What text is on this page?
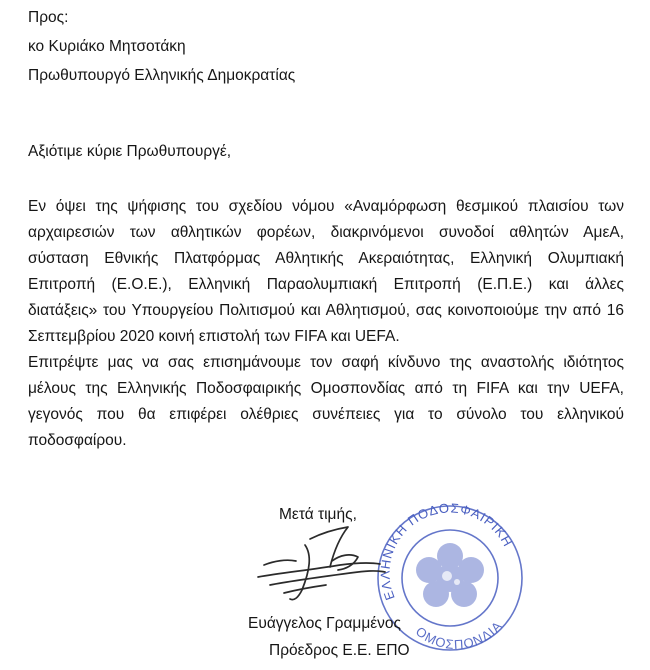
Προς:
κο Κυριάκο Μητσοτάκη
Πρωθυπουργό Ελληνικής Δημοκρατίας
Αξιότιμε κύριε Πρωθυπουργέ,
Εν όψει της ψήφισης του σχεδίου νόμου «Αναμόρφωση θεσμικού πλαισίου των
αρχαιρεσιών των αθλητικών φορέων, διακρινόμενοι συνοδοί αθλητών ΑμεΑ,
σύσταση Εθνικής Πλατφόρμας Αθλητικής Ακεραιότητας, Ελληνική Ολυμπιακή
Επιτροπή (Ε.Ο.Ε.), Ελληνική Παραολυμπιακή Επιτροπή (Ε.Π.Ε.) και άλλες
διατάξεις» του Υπουργείου Πολιτισμού και Αθλητισμού, σας κοινοποιούμε την από 16
Σεπτεμβρίου 2020 κοινή επιστολή των FIFA και UEFA.
Επιτρέψτε μας να σας επισημάνουμε τον σαφή κίνδυνο της αναστολής ιδιότητος
μέλους της Ελληνικής Ποδοσφαιρικής Ομοσπονδίας από τη FIFA και την UEFA,
γεγονός που θα επιφέρει ολέθριες συνέπειες για το σύνολο του ελληνικού
ποδοσφαίρου.
Μετά τιμής,
ΕΛΛΗΝΙΚΗ ΠΟΔΟΣΦΑΙΡΙΚΗ
Ευάγγελος Γραμμένος
Πρόεδρος Ε.Ε. ΕΠΟ
ΟΜΟΣΠΟΝΔΙΑ
